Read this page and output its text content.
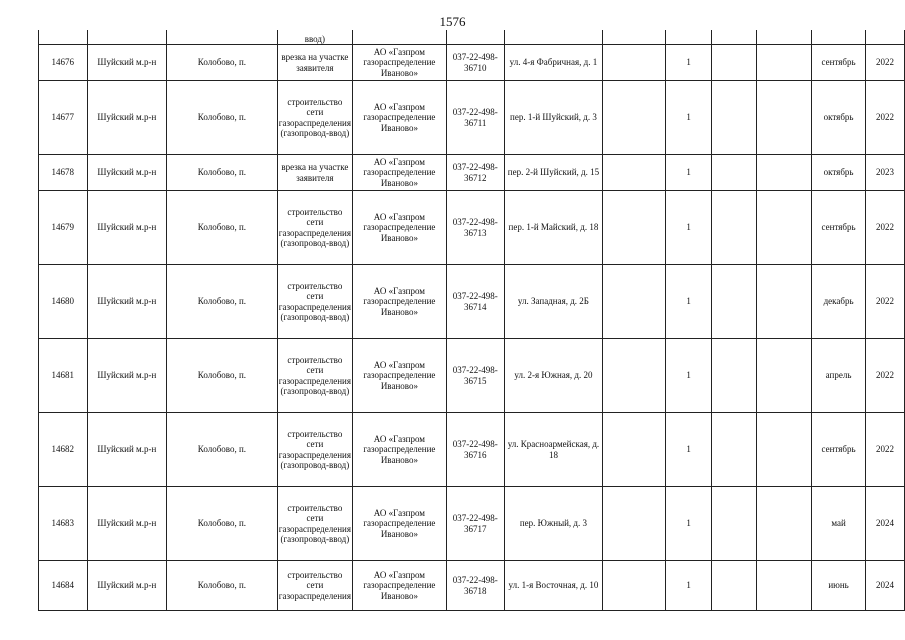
1576
			ввод)									
14676	Шуйский м.р-н	Колобово, п.	врезка на участке заявителя	АО «Газпром газораспределение Иваново»	037-22-498-36710	ул. 4-я Фабричная, д. 1		1			сентябрь	2022
14677	Шуйский м.р-н	Колобово, п.	строительство сети газораспределения (газопровод-ввод)	АО «Газпром газораспределение Иваново»	037-22-498-36711	пер. 1-й Шуйский, д. 3		1			октябрь	2022
14678	Шуйский м.р-н	Колобово, п.	врезка на участке заявителя	АО «Газпром газораспределение Иваново»	037-22-498-36712	пер. 2-й Шуйский, д. 15		1			октябрь	2023
14679	Шуйский м.р-н	Колобово, п.	строительство сети газораспределения (газопровод-ввод)	АО «Газпром газораспределение Иваново»	037-22-498-36713	пер. 1-й Майский, д. 18		1			сентябрь	2022
14680	Шуйский м.р-н	Колобово, п.	строительство сети газораспределения (газопровод-ввод)	АО «Газпром газораспределение Иваново»	037-22-498-36714	ул. Западная, д. 2Б		1			декабрь	2022
14681	Шуйский м.р-н	Колобово, п.	строительство сети газораспределения (газопровод-ввод)	АО «Газпром газораспределение Иваново»	037-22-498-36715	ул. 2-я Южная, д. 20		1			апрель	2022
14682	Шуйский м.р-н	Колобово, п.	строительство сети газораспределения (газопровод-ввод)	АО «Газпром газораспределение Иваново»	037-22-498-36716	ул. Красноармейская, д. 18		1			сентябрь	2022
14683	Шуйский м.р-н	Колобово, п.	строительство сети газораспределения (газопровод-ввод)	АО «Газпром газораспределение Иваново»	037-22-498-36717	пер. Южный, д. 3		1			май	2024
14684	Шуйский м.р-н	Колобово, п.	строительство сети газораспределения	АО «Газпром газораспределение Иваново»	037-22-498-36718	ул. 1-я Восточная, д. 10		1			июнь	2024
